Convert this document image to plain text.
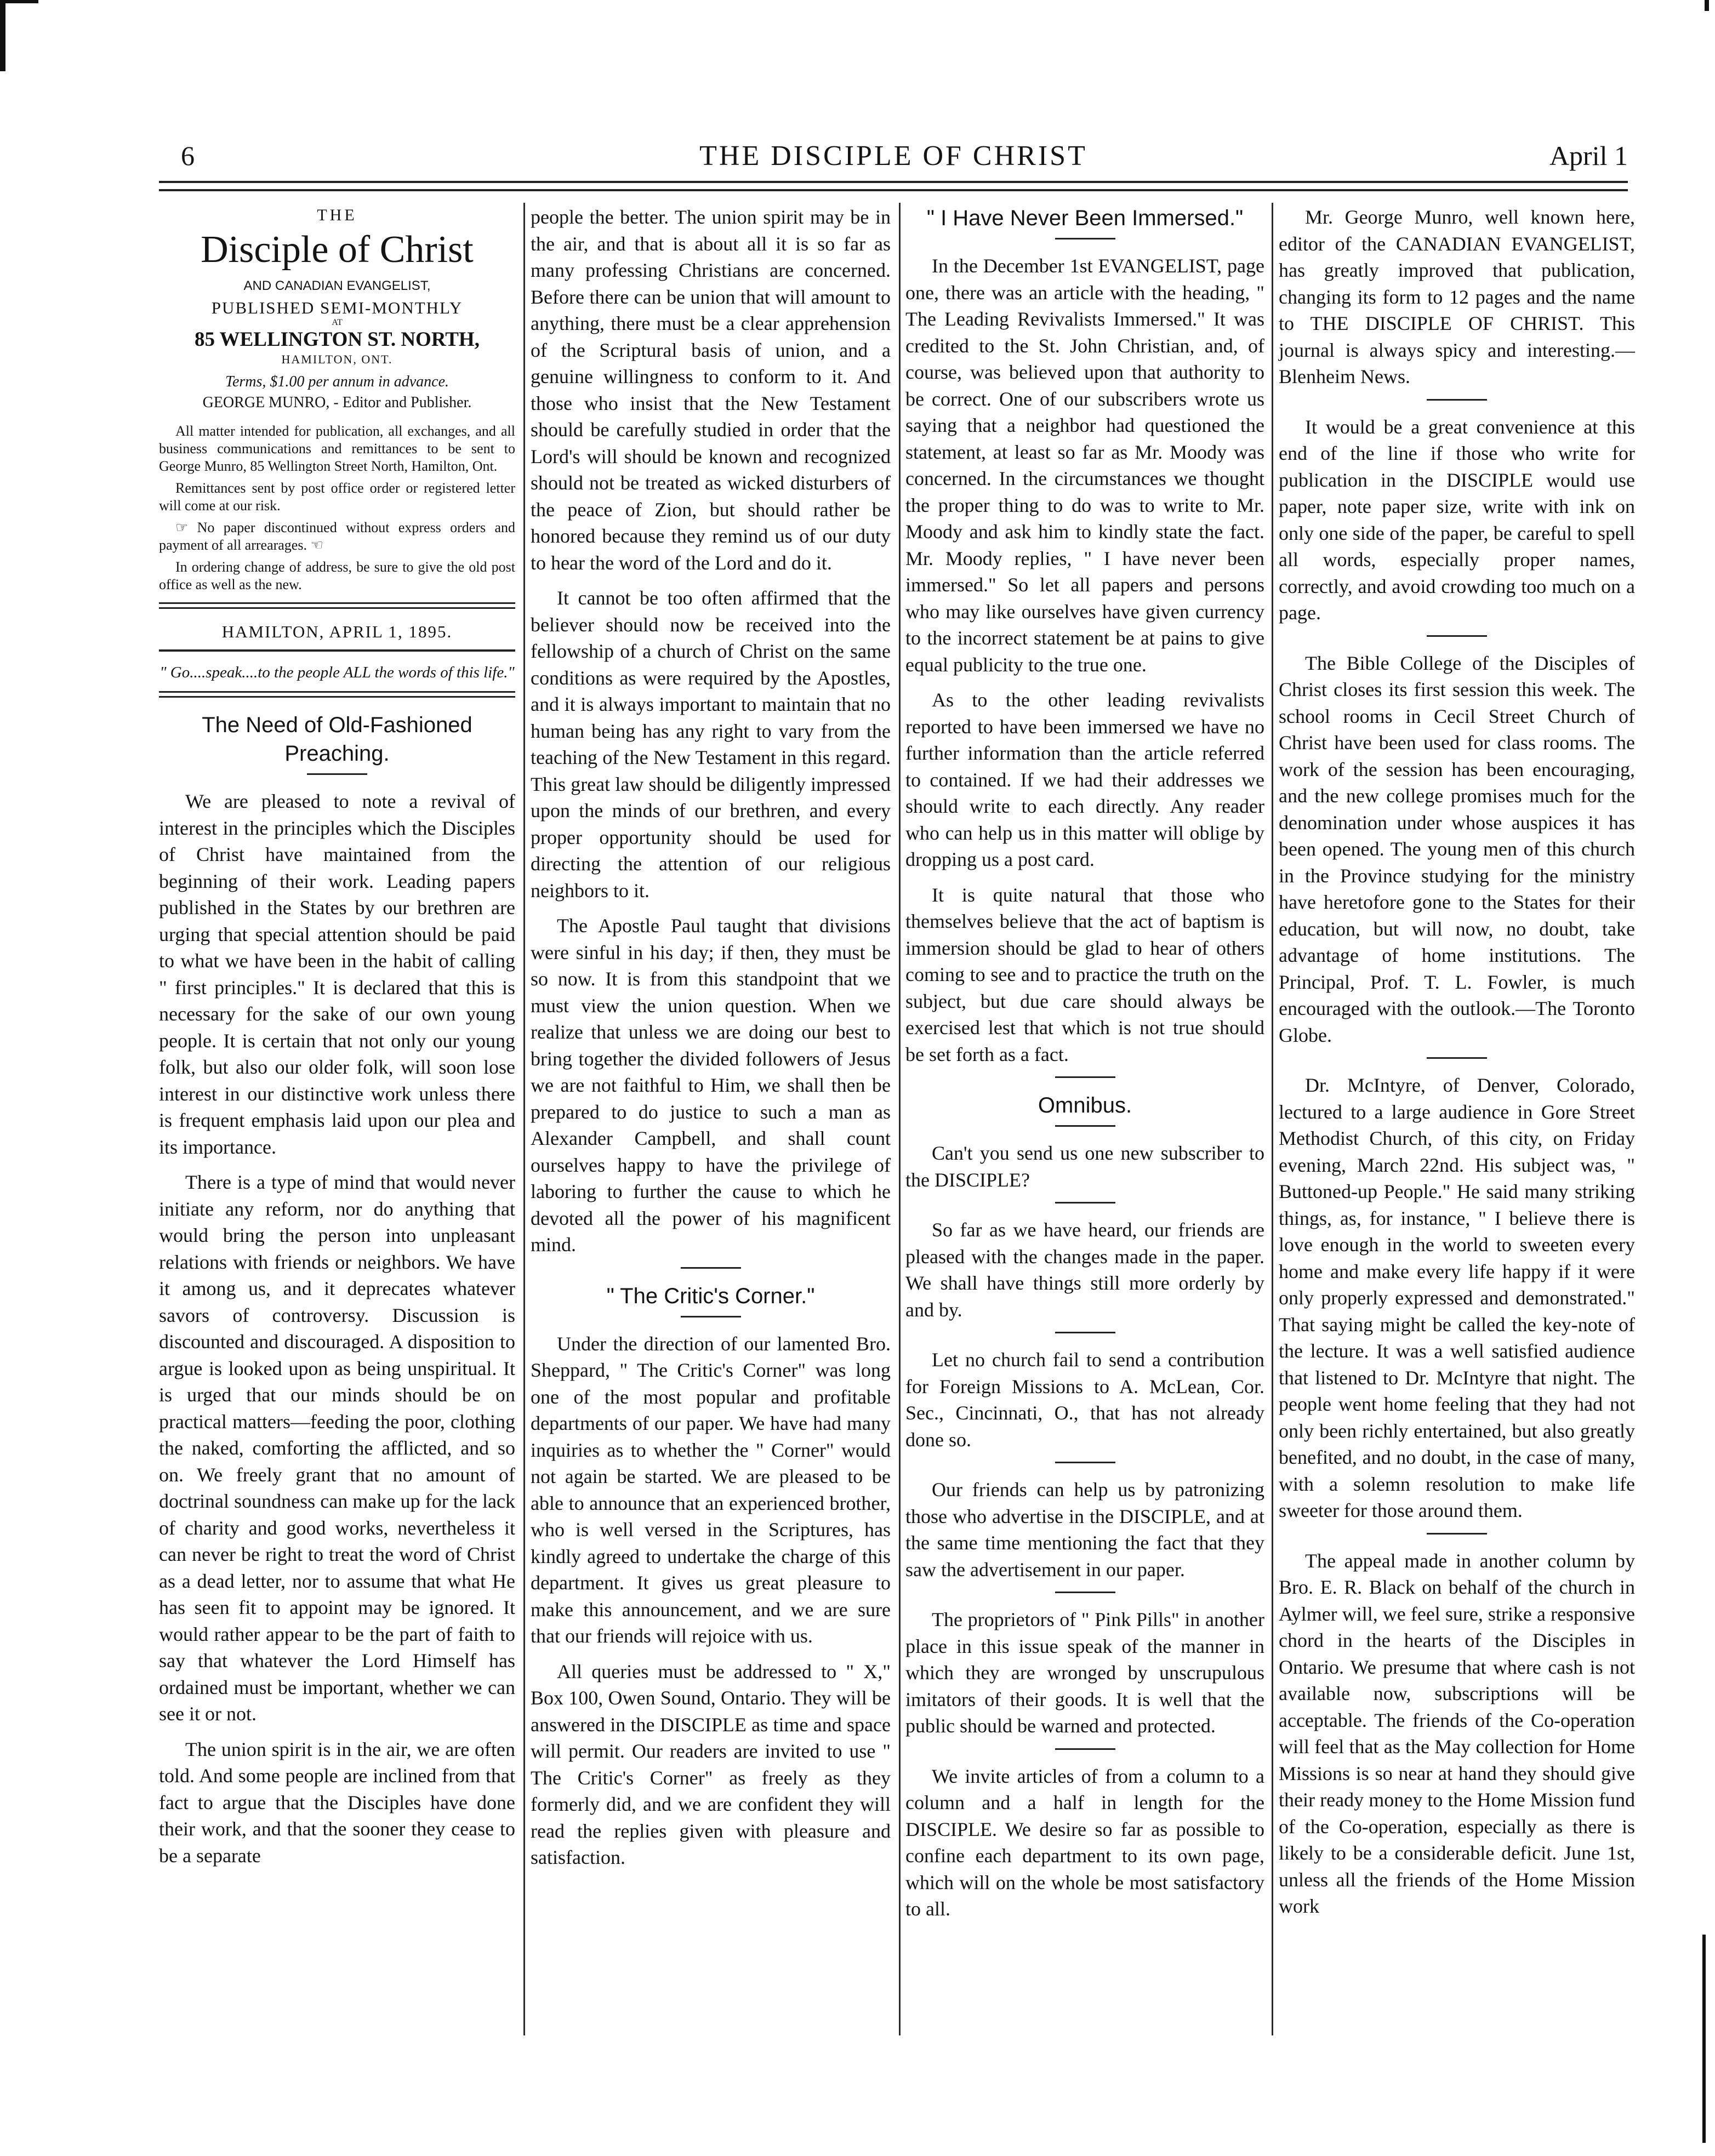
6	THE DISCIPLE OF CHRIST	April 1
THE
Disciple of Christ
AND CANADIAN EVANGELIST,
PUBLISHED SEMI-MONTHLY
AT
85 WELLINGTON ST. NORTH,
HAMILTON, ONT.
Terms, $1.00 per annum in advance.
GEORGE MUNRO, - Editor and Publisher.

All matter intended for publication, all exchanges, and all business communications and remittances to be sent to George Munro, 85 Wellington Street North, Hamilton, Ont.

Remittances sent by post office order or registered letter will come at our risk.

☞ No paper discontinued without express orders and payment of all arrearages. ☜

In ordering change of address, be sure to give the old post office as well as the new.

HAMILTON, APRIL 1, 1895.
" Go....speak....to the people ALL the words of this life."
The Need of Old-Fashioned Preaching.

We are pleased to note a revival of interest in the principles which the Disciples of Christ have maintained from the beginning of their work. Leading papers published in the States by our brethren are urging that special attention should be paid to what we have been in the habit of calling " first principles." It is declared that this is necessary for the sake of our own young people. It is certain that not only our young folk, but also our older folk, will soon lose interest in our distinctive work unless there is frequent emphasis laid upon our plea and its importance.

There is a type of mind that would never initiate any reform, nor do anything that would bring the person into unpleasant relations with friends or neighbors. We have it among us, and it deprecates whatever savors of controversy. Discussion is discounted and discouraged. A disposition to argue is looked upon as being unspiritual. It is urged that our minds should be on practical matters—feeding the poor, clothing the naked, comforting the afflicted, and so on. We freely grant that no amount of doctrinal soundness can make up for the lack of charity and good works, nevertheless it can never be right to treat the word of Christ as a dead letter, nor to assume that what He has seen fit to appoint may be ignored. It would rather appear to be the part of faith to say that whatever the Lord Himself has ordained must be important, whether we can see it or not.

The union spirit is in the air, we are often told. And some people are inclined from that fact to argue that the Disciples have done their work, and that the sooner they cease to be a separate

people the better. The union spirit may be in the air, and that is about all it is so far as many professing Christians are concerned. Before there can be union that will amount to anything, there must be a clear apprehension of the Scriptural basis of union, and a genuine willingness to conform to it. And those who insist that the New Testament should be carefully studied in order that the Lord's will should be known and recognized should not be treated as wicked disturbers of the peace of Zion, but should rather be honored because they remind us of our duty to hear the word of the Lord and do it.

It cannot be too often affirmed that the believer should now be received into the fellowship of a church of Christ on the same conditions as were required by the Apostles, and it is always important to maintain that no human being has any right to vary from the teaching of the New Testament in this regard. This great law should be diligently impressed upon the minds of our brethren, and every proper opportunity should be used for directing the attention of our religious neighbors to it.

The Apostle Paul taught that divisions were sinful in his day; if then, they must be so now. It is from this standpoint that we must view the union question. When we realize that unless we are doing our best to bring together the divided followers of Jesus we are not faithful to Him, we shall then be prepared to do justice to such a man as Alexander Campbell, and shall count ourselves happy to have the privilege of laboring to further the cause to which he devoted all the power of his magnificent mind.

" The Critic's Corner."

Under the direction of our lamented Bro. Sheppard, " The Critic's Corner" was long one of the most popular and profitable departments of our paper. We have had many inquiries as to whether the " Corner" would not again be started. We are pleased to be able to announce that an experienced brother, who is well versed in the Scriptures, has kindly agreed to undertake the charge of this department. It gives us great pleasure to make this announcement, and we are sure that our friends will rejoice with us.

All queries must be addressed to " X," Box 100, Owen Sound, Ontario. They will be answered in the DISCIPLE as time and space will permit. Our readers are invited to use " The Critic's Corner" as freely as they formerly did, and we are confident they will read the replies given with pleasure and satisfaction.

" I Have Never Been Immersed."

In the December 1st EVANGELIST, page one, there was an article with the heading, " The Leading Revivalists Immersed." It was credited to the St. John Christian, and, of course, was believed upon that authority to be correct. One of our subscribers wrote us saying that a neighbor had questioned the statement, at least so far as Mr. Moody was concerned. In the circumstances we thought the proper thing to do was to write to Mr. Moody and ask him to kindly state the fact. Mr. Moody replies, " I have never been immersed." So let all papers and persons who may like ourselves have given currency to the incorrect statement be at pains to give equal publicity to the true one.

As to the other leading revivalists reported to have been immersed we have no further information than the article referred to contained. If we had their addresses we should write to each directly. Any reader who can help us in this matter will oblige by dropping us a post card.

It is quite natural that those who themselves believe that the act of baptism is immersion should be glad to hear of others coming to see and to practice the truth on the subject, but due care should always be exercised lest that which is not true should be set forth as a fact.

Omnibus.

Can't you send us one new subscriber to the DISCIPLE?

So far as we have heard, our friends are pleased with the changes made in the paper. We shall have things still more orderly by and by.

Let no church fail to send a contribution for Foreign Missions to A. McLean, Cor. Sec., Cincinnati, O., that has not already done so.

Our friends can help us by patronizing those who advertise in the DISCIPLE, and at the same time mentioning the fact that they saw the advertisement in our paper.

The proprietors of " Pink Pills" in another place in this issue speak of the manner in which they are wronged by unscrupulous imitators of their goods. It is well that the public should be warned and protected.

We invite articles of from a column to a column and a half in length for the DISCIPLE. We desire so far as possible to confine each department to its own page, which will on the whole be most satisfactory to all.

Mr. George Munro, well known here, editor of the CANADIAN EVANGELIST, has greatly improved that publication, changing its form to 12 pages and the name to THE DISCIPLE OF CHRIST. This journal is always spicy and interesting.—Blenheim News.

It would be a great convenience at this end of the line if those who write for publication in the DISCIPLE would use paper, note paper size, write with ink on only one side of the paper, be careful to spell all words, especially proper names, correctly, and avoid crowding too much on a page.

The Bible College of the Disciples of Christ closes its first session this week. The school rooms in Cecil Street Church of Christ have been used for class rooms. The work of the session has been encouraging, and the new college promises much for the denomination under whose auspices it has been opened. The young men of this church in the Province studying for the ministry have heretofore gone to the States for their education, but will now, no doubt, take advantage of home institutions. The Principal, Prof. T. L. Fowler, is much encouraged with the outlook.—The Toronto Globe.

Dr. McIntyre, of Denver, Colorado, lectured to a large audience in Gore Street Methodist Church, of this city, on Friday evening, March 22nd. His subject was, " Buttoned-up People." He said many striking things, as, for instance, " I believe there is love enough in the world to sweeten every home and make every life happy if it were only properly expressed and demonstrated." That saying might be called the key-note of the lecture. It was a well satisfied audience that listened to Dr. McIntyre that night. The people went home feeling that they had not only been richly entertained, but also greatly benefited, and no doubt, in the case of many, with a solemn resolution to make life sweeter for those around them.

The appeal made in another column by Bro. E. R. Black on behalf of the church in Aylmer will, we feel sure, strike a responsive chord in the hearts of the Disciples in Ontario. We presume that where cash is not available now, subscriptions will be acceptable. The friends of the Co-operation will feel that as the May collection for Home Missions is so near at hand they should give their ready money to the Home Mission fund of the Co-operation, especially as there is likely to be a considerable deficit. June 1st, unless all the friends of the Home Mission work
